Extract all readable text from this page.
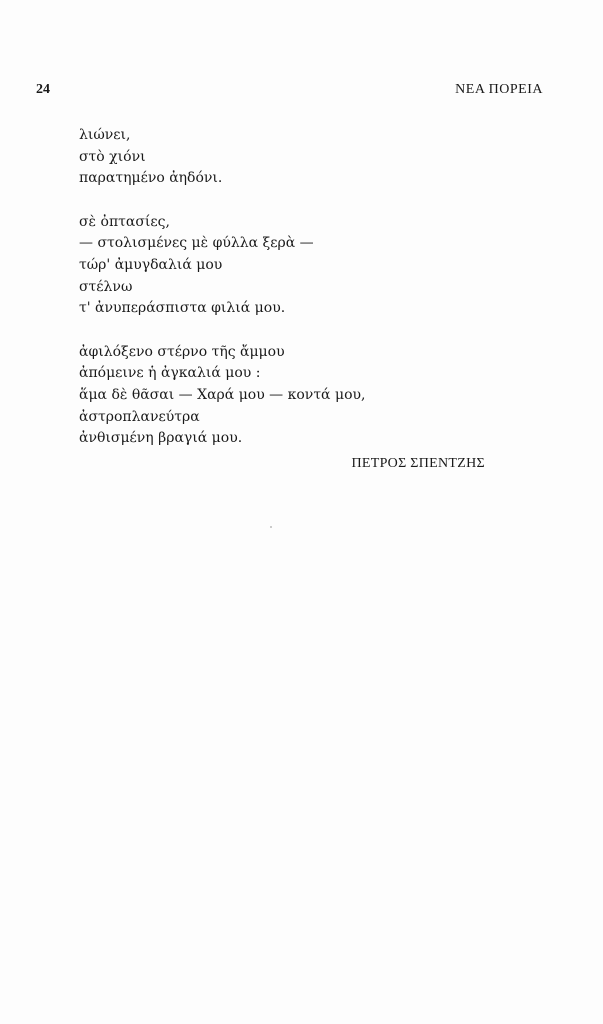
24	ΝΕΑ ΠΟΡΕΙΑ
λιώνει,
στὸ χιόνι
παρατημένο ἀηδόνι.
σὲ ὀπτασίες,
— στολισμένες μὲ φύλλα ξερὰ —
τώρ' ἀμυγδαλιά μου
στέλνω
τ' ἀνυπεράσπιστα φιλιά μου.
ἀφιλόξενο στέρνο τῆς ἄμμου
ἀπόμεινε ἡ ἀγκαλιά μου :
ἅμα δὲ θᾶσαι — Χαρά μου — κοντά μου,
ἀστροπλανεύτρα
ἀνθισμένη βραγιά μου.
ΠΕΤΡΟΣ ΣΠΕΝΤΖΗΣ
